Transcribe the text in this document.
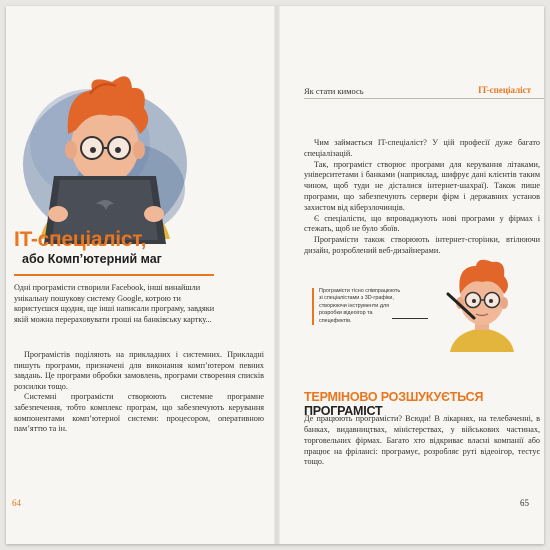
IT-спеціаліст,
або Комп’ютерний маг
Одні програмісти створили Facebook, інші винайшли унікальну пошукову систему Google, котрою ти користуєшся щодня, ще інші написали програму, завдяки якій можна перераховувати гроші на банківську картку...

Програмістів поділяють на прикладних і системних. Прикладні пишуть програми, призначені для виконання комп’ютером певних завдань. Це програми обробки замовлень, програми створення списків розсилки тощо.

Системні програмісти створюють системне програмне забезпечення, тобто комплекс програм, що забезпечують керування компонентами комп’ютерної системи: процесором, оперативною пам’яттю та ін.

64
Як стати кимось	IT-спеціаліст

Чим займається IT-спеціаліст? У цій професії дуже багато спеціалізацій.

Так, програміст створює програми для керування літаками, університетами і банками (наприклад, шифрує дані клієнтів таким чином, щоб туди не дісталися інтернет-шахраї). Також пише програми, що забезпечують сервери фірм і державних установ захистом від кіберзлочинців.

Є спеціалісти, що впроваджують нові програми у фірмах і стежать, щоб не було збоїв.

Програмісти також створюють інтернет-сторінки, втілюючи дизайн, розроблений веб-дизайнерами.

Програмісти тісно співпрацюють зі спеціалістами з 3D-графіки, створюючи інструменти для розробки відеоігор та спецефектів.
ТЕРМІНОВО РОЗШУКУЄТЬСЯ ПРОГРАМІСТ

Де працюють програмісти? Всюди! В лікарнях, на телебаченні, в банках, видавництвах, міністерствах, у військових частинах, торговельних фірмах. Багато хто відкриває власні компанії або працює на фрілансі: програмує, розробляє руті відеоігор, тестує тощо.

65
